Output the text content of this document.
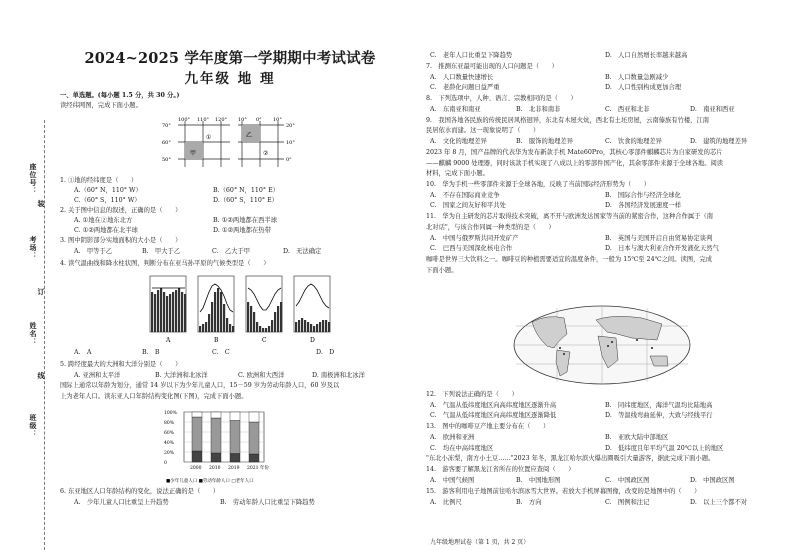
座位号：
装
考场：
订
姓名：
线
班级：
2024~2025 学年度第一学期期中考试试卷
九年级 地 理
一、单选题。(每小题 1.5 分，共 30 分。)
读经纬网图，完成下面小题。
100° 110° 120° 10° 0° 10°
70°
60°
50°
20°
10°
0°
甲
①	乙
②
1. ①地的经纬度是（　　）
A.（60° N，110° W）	B.（60° N，110° E）
C.（60° S，110° W）	D.（60° S，110° E）
2. 关于图中信息的叙述，正确的是（　　）
A. ①地在②地东北方	B. ①②两地都在西半球
C. ①②两地都在北半球	D. ①②两地都在热带
3. 图中阴影部分实地面积的大小是（　　）
A.　甲等于乙	B.　甲大于乙	C.　乙大于甲	D.　无法确定
4. 读气温曲线和降水柱状图，判断分布在亚马孙平原的气候类型是（　　）
A	B	C	D
A.　A	B.　B	C.　C	D.　D
5. 跨经度最大的大洲和大洋分别是（　　）
A. 亚洲和太平洋	B. 大洋洲和北冰洋	C. 欧洲和大西洋	D. 南极洲和北冰洋
国际上通常以年龄为划分，通常 14 岁以下为少年儿童人口，15－59 岁为劳动年龄人口，60 岁及以
上为老年人口。读东亚人口年龄结构变化图(下图)，完成下面小题。
100%
80%
60%
40%
20%
0
2000 2010 2019 2021 年份
■少年儿童人口 ■劳动年龄人口 □老年人口
6. 东亚地区人口年龄结构的变化，说法正确的是（　　）
A.　少年儿童人口比重呈上升趋势	B.　劳动年龄人口比重呈下降趋势
C.　老年人口比重呈下降趋势	D.　人口自然增长率越来越高
7.　推测东亚最可能出现的人口问题是（　　）
A.　人口数量快速增长	B.　人口数量急剧减少
C.　老龄化问题日益严重	D.　人口性别构成更加合理
8.　下列选项中，人种、语言、宗教相同的是（　　）
A.　东南亚和南亚	B.　北非和南非	C.　西亚和北非	D.　南亚和西亚
9.　我国各地各民族的传统民居风格迥异，东北有木屋火炕，西北有土坯房屋，云南傣族有竹楼，江南
民居依水而建。这一现象说明了（　　）
A.　文化的地理差异	B.　服饰的地理差异	C.　饮食的地理差异	D.　建筑的地理差异
2023 年 8 月，国产品牌的代表华为发布新款手机 Mate60Pro，其核心零部件麒麟芯片为自家研发的芯片
——麒麟 9000 处理器，同时该款手机实现了八成以上的零部件国产化，其余零部件来源于全球各地。阅读
材料，完成下面小题。
10.　华为手机一些零部件来源于全球各地，反映了当前国际经济形势为（　　）
A.　不存在国际商业竞争	B.　国际合作与经济全球化
C.　国家之间友好和平共处	D.　各国经济发展速度一样
11.　华为自主研发的芯片取得技术突破，离不开与欧洲发达国家等当前的紧密合作，这种合作属于（南
北对话"，与该合作同属一种类型的是（　　）
A.　中国与俄罗斯共同开发矿产	B.　英国与美国开启自由贸易协定谈判
C.　巴西与美国深化核电合作	D.　日本与澳大利亚合作开发液化天然气
咖啡是世界三大饮料之一。咖啡豆的种植需要适宜的温度条件，一般为 15℃至 24℃之间。读图，完成
下面小题。
12.　下列说法正确的是（　　）
A.　气温从低纬度地区向高纬度地区逐渐升高	B.　同纬度地区，海洋气温均比陆地高
C.　气温从低纬度地区向高纬度地区逐渐降低	D.　等温线弯曲延伸，大致与经线平行
13.　图中的咖啡豆产地主要分布在（　　）
A.　欧洲和亚洲	B.　亚欧大陆中部地区
C.　均在中高纬度地区	D.　低纬度且年平均气温 20℃以上的地区
"东北小冻梨，南方小土豆……"2023 年冬，黑龙江哈尔滨火爆出圈吸引大量游客，据此完成下面小题。
14.　游客要了解黑龙江省所在的位置应查阅（　　）
A.　中国气候图	B.　中国地形图	C.　中国政区图	D.　中国政区图
15.　游客利用电子地图前往哈尔滨冰雪大世界。若放大手机屏幕图像，改变的是地图中的（　　）
A.　比例尺	B.　方向	C.　图例和注记	D.　以上三个都不对
九年级地理试卷（第 1 页，共 2 页）
